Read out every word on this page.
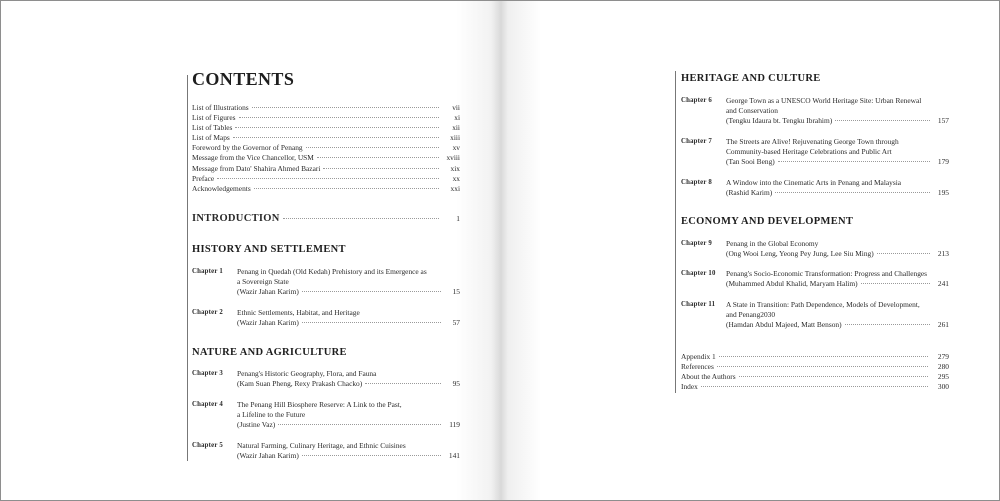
CONTENTS
List of Illustrations	vii
List of Figures	xi
List of Tables	xii
List of Maps	xiii
Foreword by the Governor of Penang	xv
Message from the Vice Chancellor, USM	xviii
Message from Dato' Shahira Ahmed Bazari	xix
Preface	xx
Acknowledgements	xxi
INTRODUCTION	1
HISTORY AND SETTLEMENT
Chapter 1 Penang in Quedah (Old Kedah) Prehistory and its Emergence as
a Sovereign State
(Wazir Jahan Karim)	15
Chapter 2 Ethnic Settlements, Habitat, and Heritage
(Wazir Jahan Karim)	57
NATURE AND AGRICULTURE
Chapter 3 Penang's Historic Geography, Flora, and Fauna
(Kam Suan Pheng, Rexy Prakash Chacko)	95
Chapter 4 The Penang Hill Biosphere Reserve: A Link to the Past,
a Lifeline to the Future
(Justine Vaz)	119
Chapter 5 Natural Farming, Culinary Heritage, and Ethnic Cuisines
(Wazir Jahan Karim)	141
HERITAGE AND CULTURE
Chapter 6 George Town as a UNESCO World Heritage Site: Urban Renewal
and Conservation
(Tengku Idaura bt. Tengku Ibrahim)	157
Chapter 7 The Streets are Alive! Rejuvenating George Town through
Community-based Heritage Celebrations and Public Art
(Tan Sooi Beng)	179
Chapter 8 A Window into the Cinematic Arts in Penang and Malaysia
(Rashid Karim)	195
ECONOMY AND DEVELOPMENT
Chapter 9 Penang in the Global Economy
(Ong Wooi Leng, Yeong Pey Jung, Lee Siu Ming)	213
Chapter 10 Penang's Socio-Economic Transformation: Progress and Challenges
(Muhammed Abdul Khalid, Maryam Halim)	241
Chapter 11 A State in Transition: Path Dependence, Models of Development,
and Penang2030
(Hamdan Abdul Majeed, Matt Benson)	261
Appendix 1	279
References	280
About the Authors	295
Index	300
